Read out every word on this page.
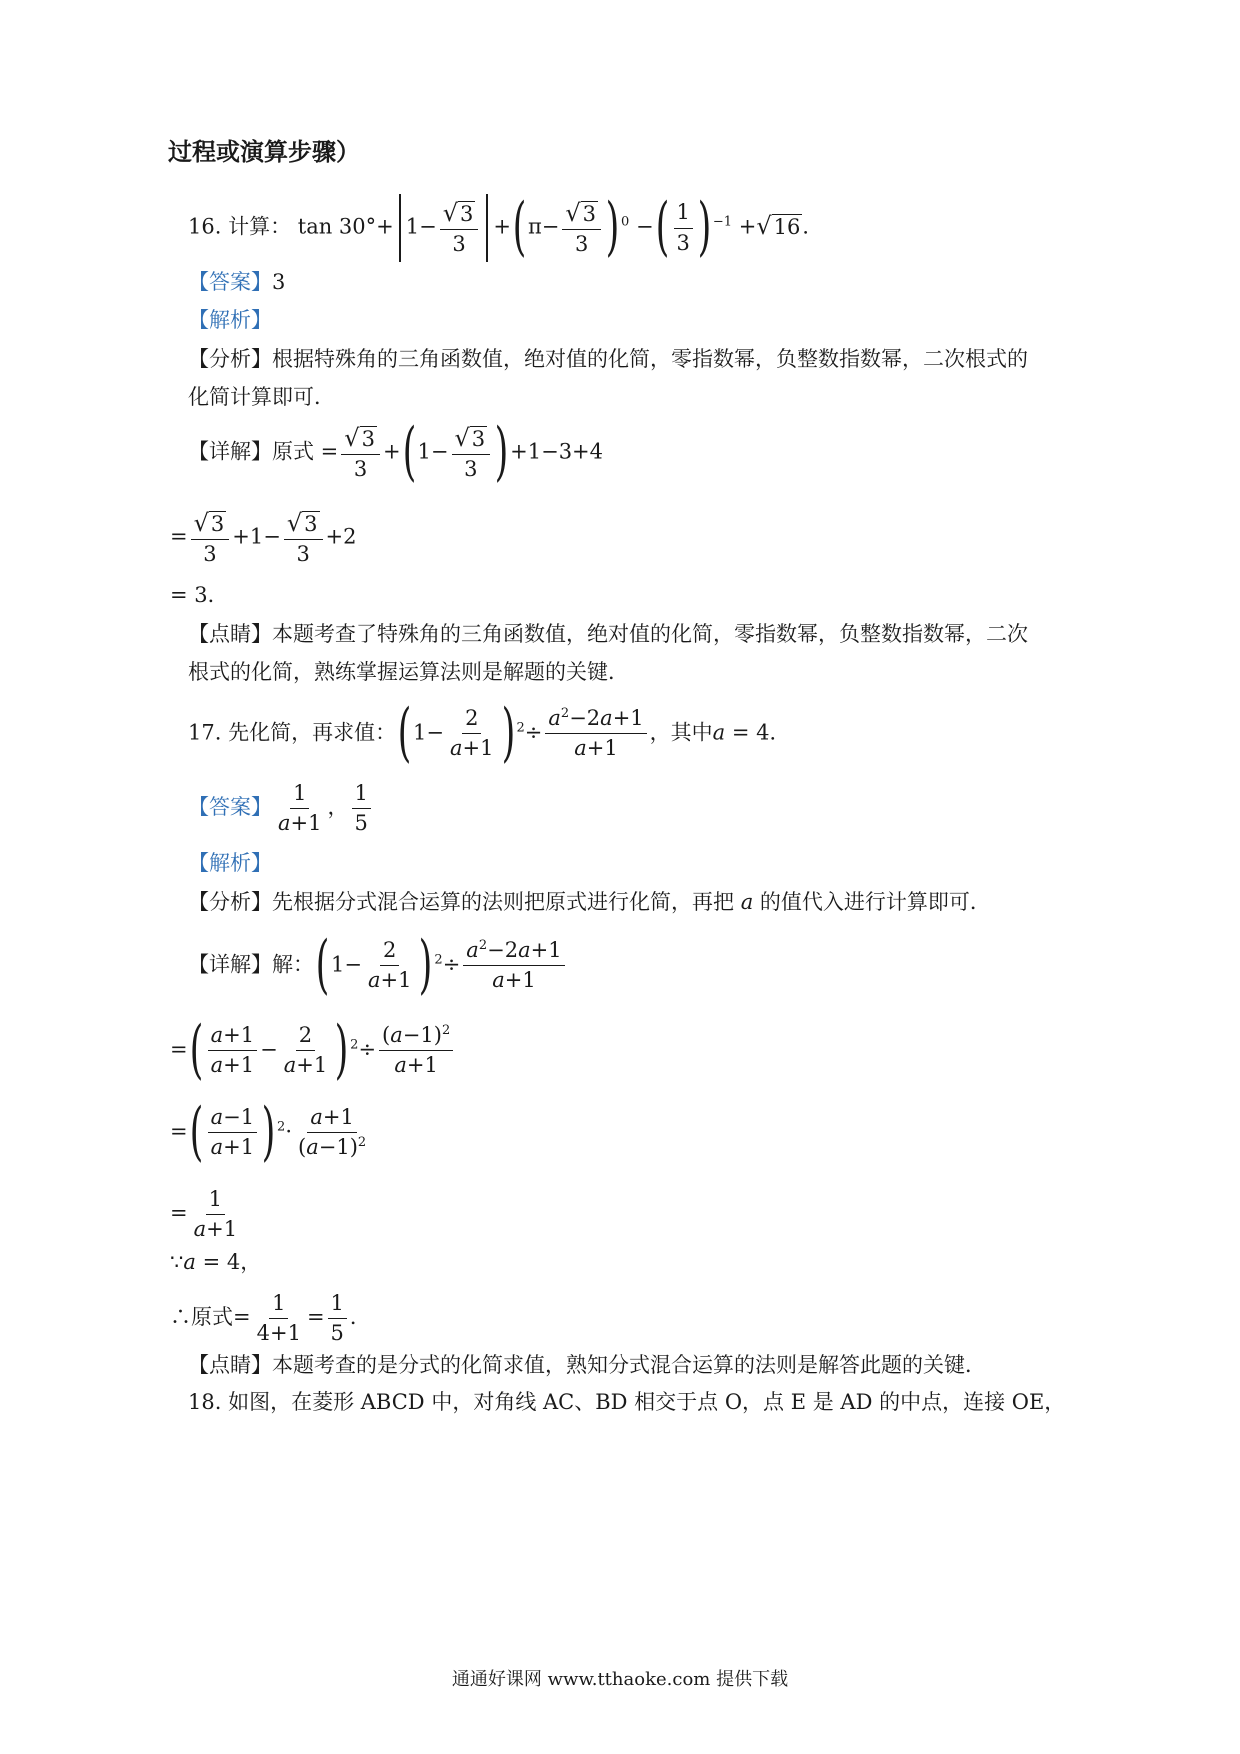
过程或演算步骤）
16. 计算： $\tan 30^\circ+ 1- \frac{√3}{3} +(\pi- \frac{√3}{3}$ ) $^0$ −( $\frac{1}{3}$ ) $^{-1}$ +√16．
【答案】3
【解析】
【分析】根据特殊角的三角函数值，绝对值的化简，零指数幂，负整数指数幂，二次根式的
化简计算即可．
【详解】原式 = $\frac{√3}{3} +(1- \frac{√3}{3} )+1-3+4$
= $\frac{√3}{3} +1- \frac{√3}{3} +2$
= 3．
【点睛】本题考查了特殊角的三角函数值，绝对值的化简，零指数幂，负整数指数幂，二次
根式的化简，熟练掌握运算法则是解题的关键．
17. 先化简，再求值：($1- \frac{2}{a+1}$ ) $^2\div \frac{a^2-2a+1}{a+1}$ ，其中a = 4．
【答案】 $\frac{1}{a+1}$ ， $\frac{1}{5}$
【解析】
【分析】先根据分式混合运算的法则把原式进行化简，再把 a 的值代入进行计算即可．
【详解】解：($1- \frac{2}{a+1}$ ) $^2\div \frac{a^2-2a+1}{a+1}$
=( $\frac{a+1}{a+1} - \frac{2}{a+1}$ ) $^2\div \frac{(a-1)^2}{a+1}$
=( $\frac{a-1}{a+1}$ ) $^2\cdot \frac{a+1}{(a-1)^2}$
= $\frac{1}{a+1}$
∵a = 4，
∴原式= $\frac{1}{4+1} = \frac{1}{5}$ ．
【点睛】本题考查的是分式的化简求值，熟知分式混合运算的法则是解答此题的关键．
18. 如图，在菱形 ABCD 中，对角线 AC、BD 相交于点 O，点 E 是 AD 的中点，连接 OE，
通通好课网 www.tthaoke.com 提供下载
